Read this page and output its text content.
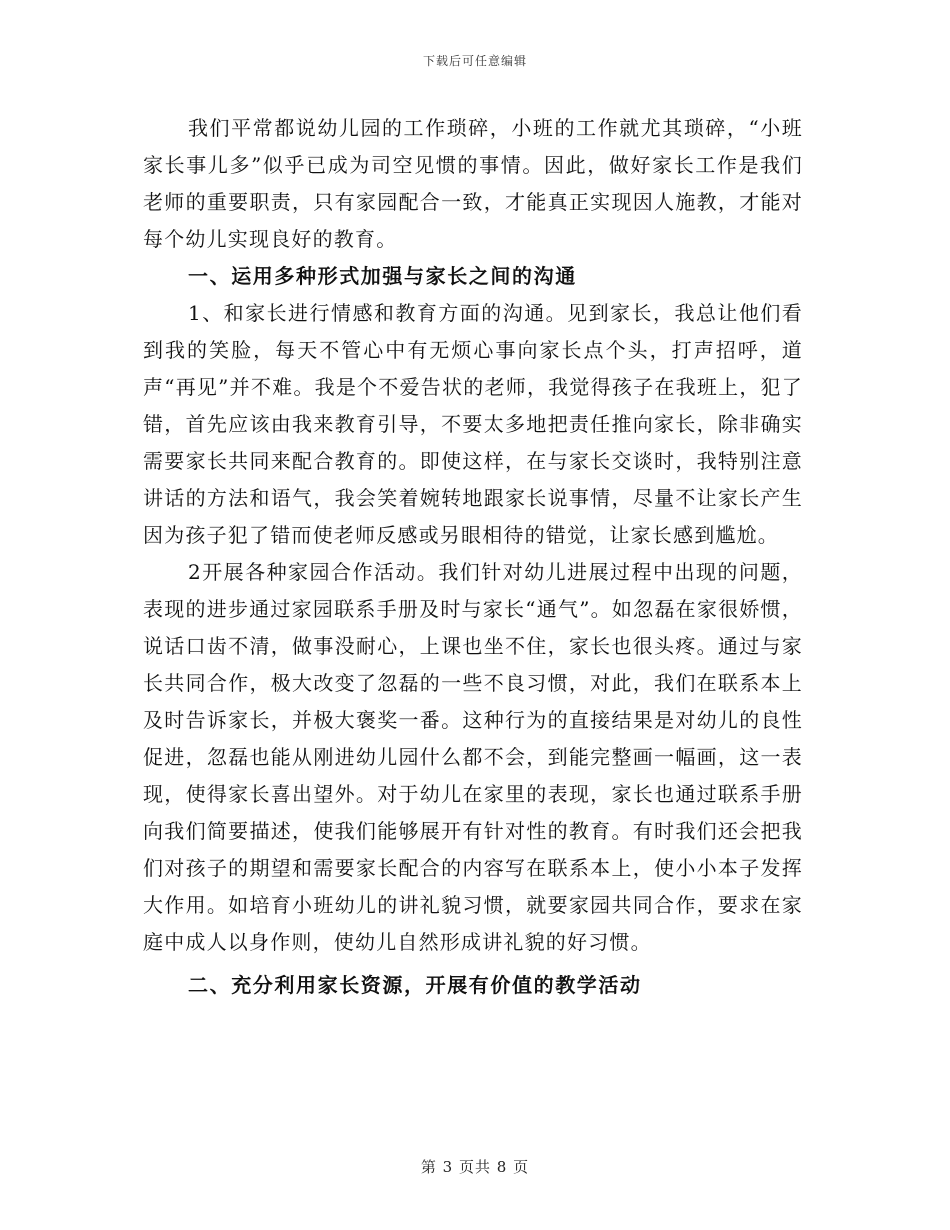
下载后可任意编辑

我们平常都说幼儿园的工作琐碎，小班的工作就尤其琐碎，“小班家长事儿多”似乎已成为司空见惯的事情。因此，做好家长工作是我们老师的重要职责，只有家园配合一致，才能真正实现因人施教，才能对每个幼儿实现良好的教育。

一、运用多种形式加强与家长之间的沟通

1、和家长进行情感和教育方面的沟通。见到家长，我总让他们看到我的笑脸，每天不管心中有无烦心事向家长点个头，打声招呼，道声“再见”并不难。我是个不爱告状的老师，我觉得孩子在我班上，犯了错，首先应该由我来教育引导，不要太多地把责任推向家长，除非确实需要家长共同来配合教育的。即使这样，在与家长交谈时，我特别注意讲话的方法和语气，我会笑着婉转地跟家长说事情，尽量不让家长产生因为孩子犯了错而使老师反感或另眼相待的错觉，让家长感到尴尬。

2开展各种家园合作活动。我们针对幼儿进展过程中出现的问题，表现的进步通过家园联系手册及时与家长“通气”。如忽磊在家很娇惯，说话口齿不清，做事没耐心，上课也坐不住，家长也很头疼。通过与家长共同合作，极大改变了忽磊的一些不良习惯，对此，我们在联系本上及时告诉家长，并极大褒奖一番。这种行为的直接结果是对幼儿的良性促进，忽磊也能从刚进幼儿园什么都不会，到能完整画一幅画，这一表现，使得家长喜出望外。对于幼儿在家里的表现，家长也通过联系手册向我们简要描述，使我们能够展开有针对性的教育。有时我们还会把我们对孩子的期望和需要家长配合的内容写在联系本上，使小小本子发挥大作用。如培育小班幼儿的讲礼貌习惯，就要家园共同合作，要求在家庭中成人以身作则，使幼儿自然形成讲礼貌的好习惯。

二、充分利用家长资源，开展有价值的教学活动

第 3 页共 8 页
